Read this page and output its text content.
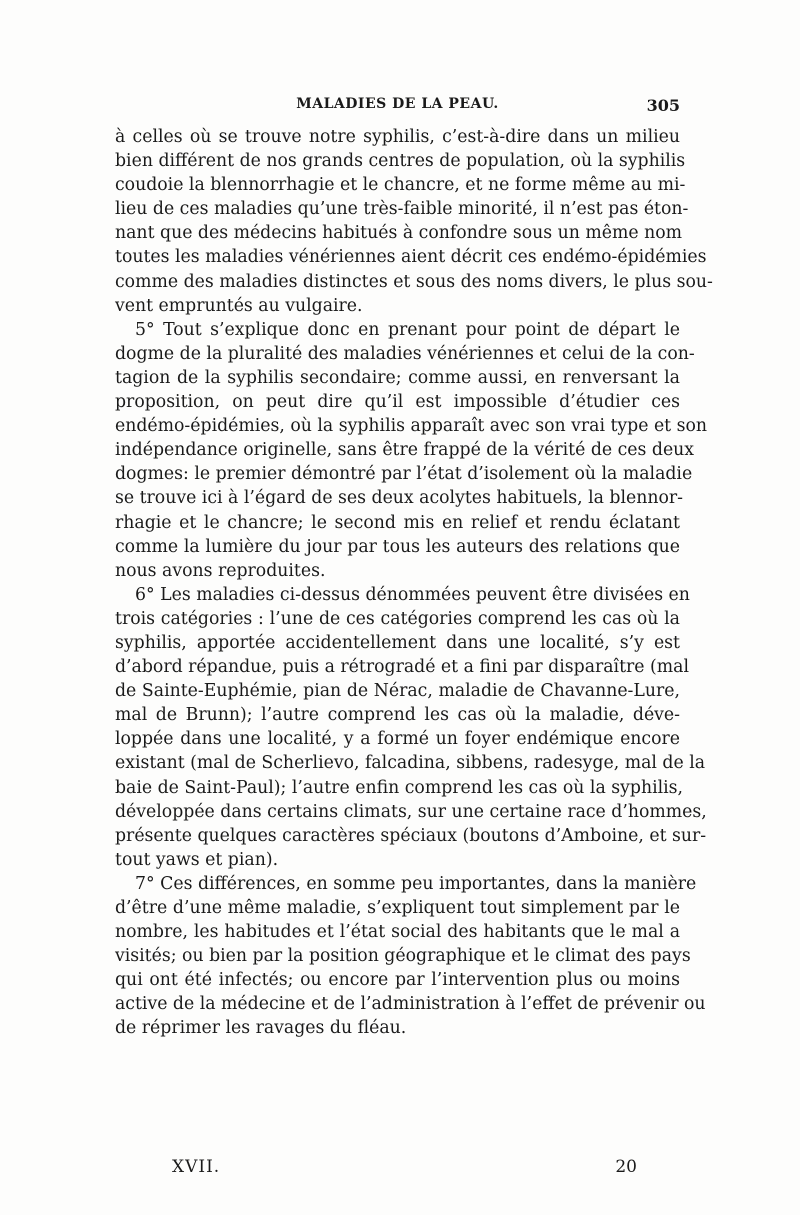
MALADIES DE LA PEAU.	305
à celles où se trouve notre syphilis, c’est-à-dire dans un milieu
bien différent de nos grands centres de population, où la syphilis
coudoie la blennorrhagie et le chancre, et ne forme même au mi-
lieu de ces maladies qu’une très-faible minorité, il n’est pas éton-
nant que des médecins habitués à confondre sous un même nom
toutes les maladies vénériennes aient décrit ces endémo-épidémies
comme des maladies distinctes et sous des noms divers, le plus sou-
vent empruntés au vulgaire.
5° Tout s’explique donc en prenant pour point de départ le
dogme de la pluralité des maladies vénériennes et celui de la con-
tagion de la syphilis secondaire; comme aussi, en renversant la
proposition, on peut dire qu’il est impossible d’étudier ces
endémo-épidémies, où la syphilis apparaît avec son vrai type et son
indépendance originelle, sans être frappé de la vérité de ces deux
dogmes: le premier démontré par l’état d’isolement où la maladie
se trouve ici à l’égard de ses deux acolytes habituels, la blennor-
rhagie et le chancre; le second mis en relief et rendu éclatant
comme la lumière du jour par tous les auteurs des relations que
nous avons reproduites.
6° Les maladies ci-dessus dénommées peuvent être divisées en
trois catégories : l’une de ces catégories comprend les cas où la
syphilis, apportée accidentellement dans une localité, s’y est
d’abord répandue, puis a rétrogradé et a fini par disparaître (mal
de Sainte-Euphémie, pian de Nérac, maladie de Chavanne-Lure,
mal de Brunn); l’autre comprend les cas où la maladie, déve-
loppée dans une localité, y a formé un foyer endémique encore
existant (mal de Scherlievo, falcadina, sibbens, radesyge, mal de la
baie de Saint-Paul); l’autre enfin comprend les cas où la syphilis,
développée dans certains climats, sur une certaine race d’hommes,
présente quelques caractères spéciaux (boutons d’Amboine, et sur-
tout yaws et pian).
7° Ces différences, en somme peu importantes, dans la manière
d’être d’une même maladie, s’expliquent tout simplement par le
nombre, les habitudes et l’état social des habitants que le mal a
visités; ou bien par la position géographique et le climat des pays
qui ont été infectés; ou encore par l’intervention plus ou moins
active de la médecine et de l’administration à l’effet de prévenir ou
de réprimer les ravages du fléau.
XVII.	20
